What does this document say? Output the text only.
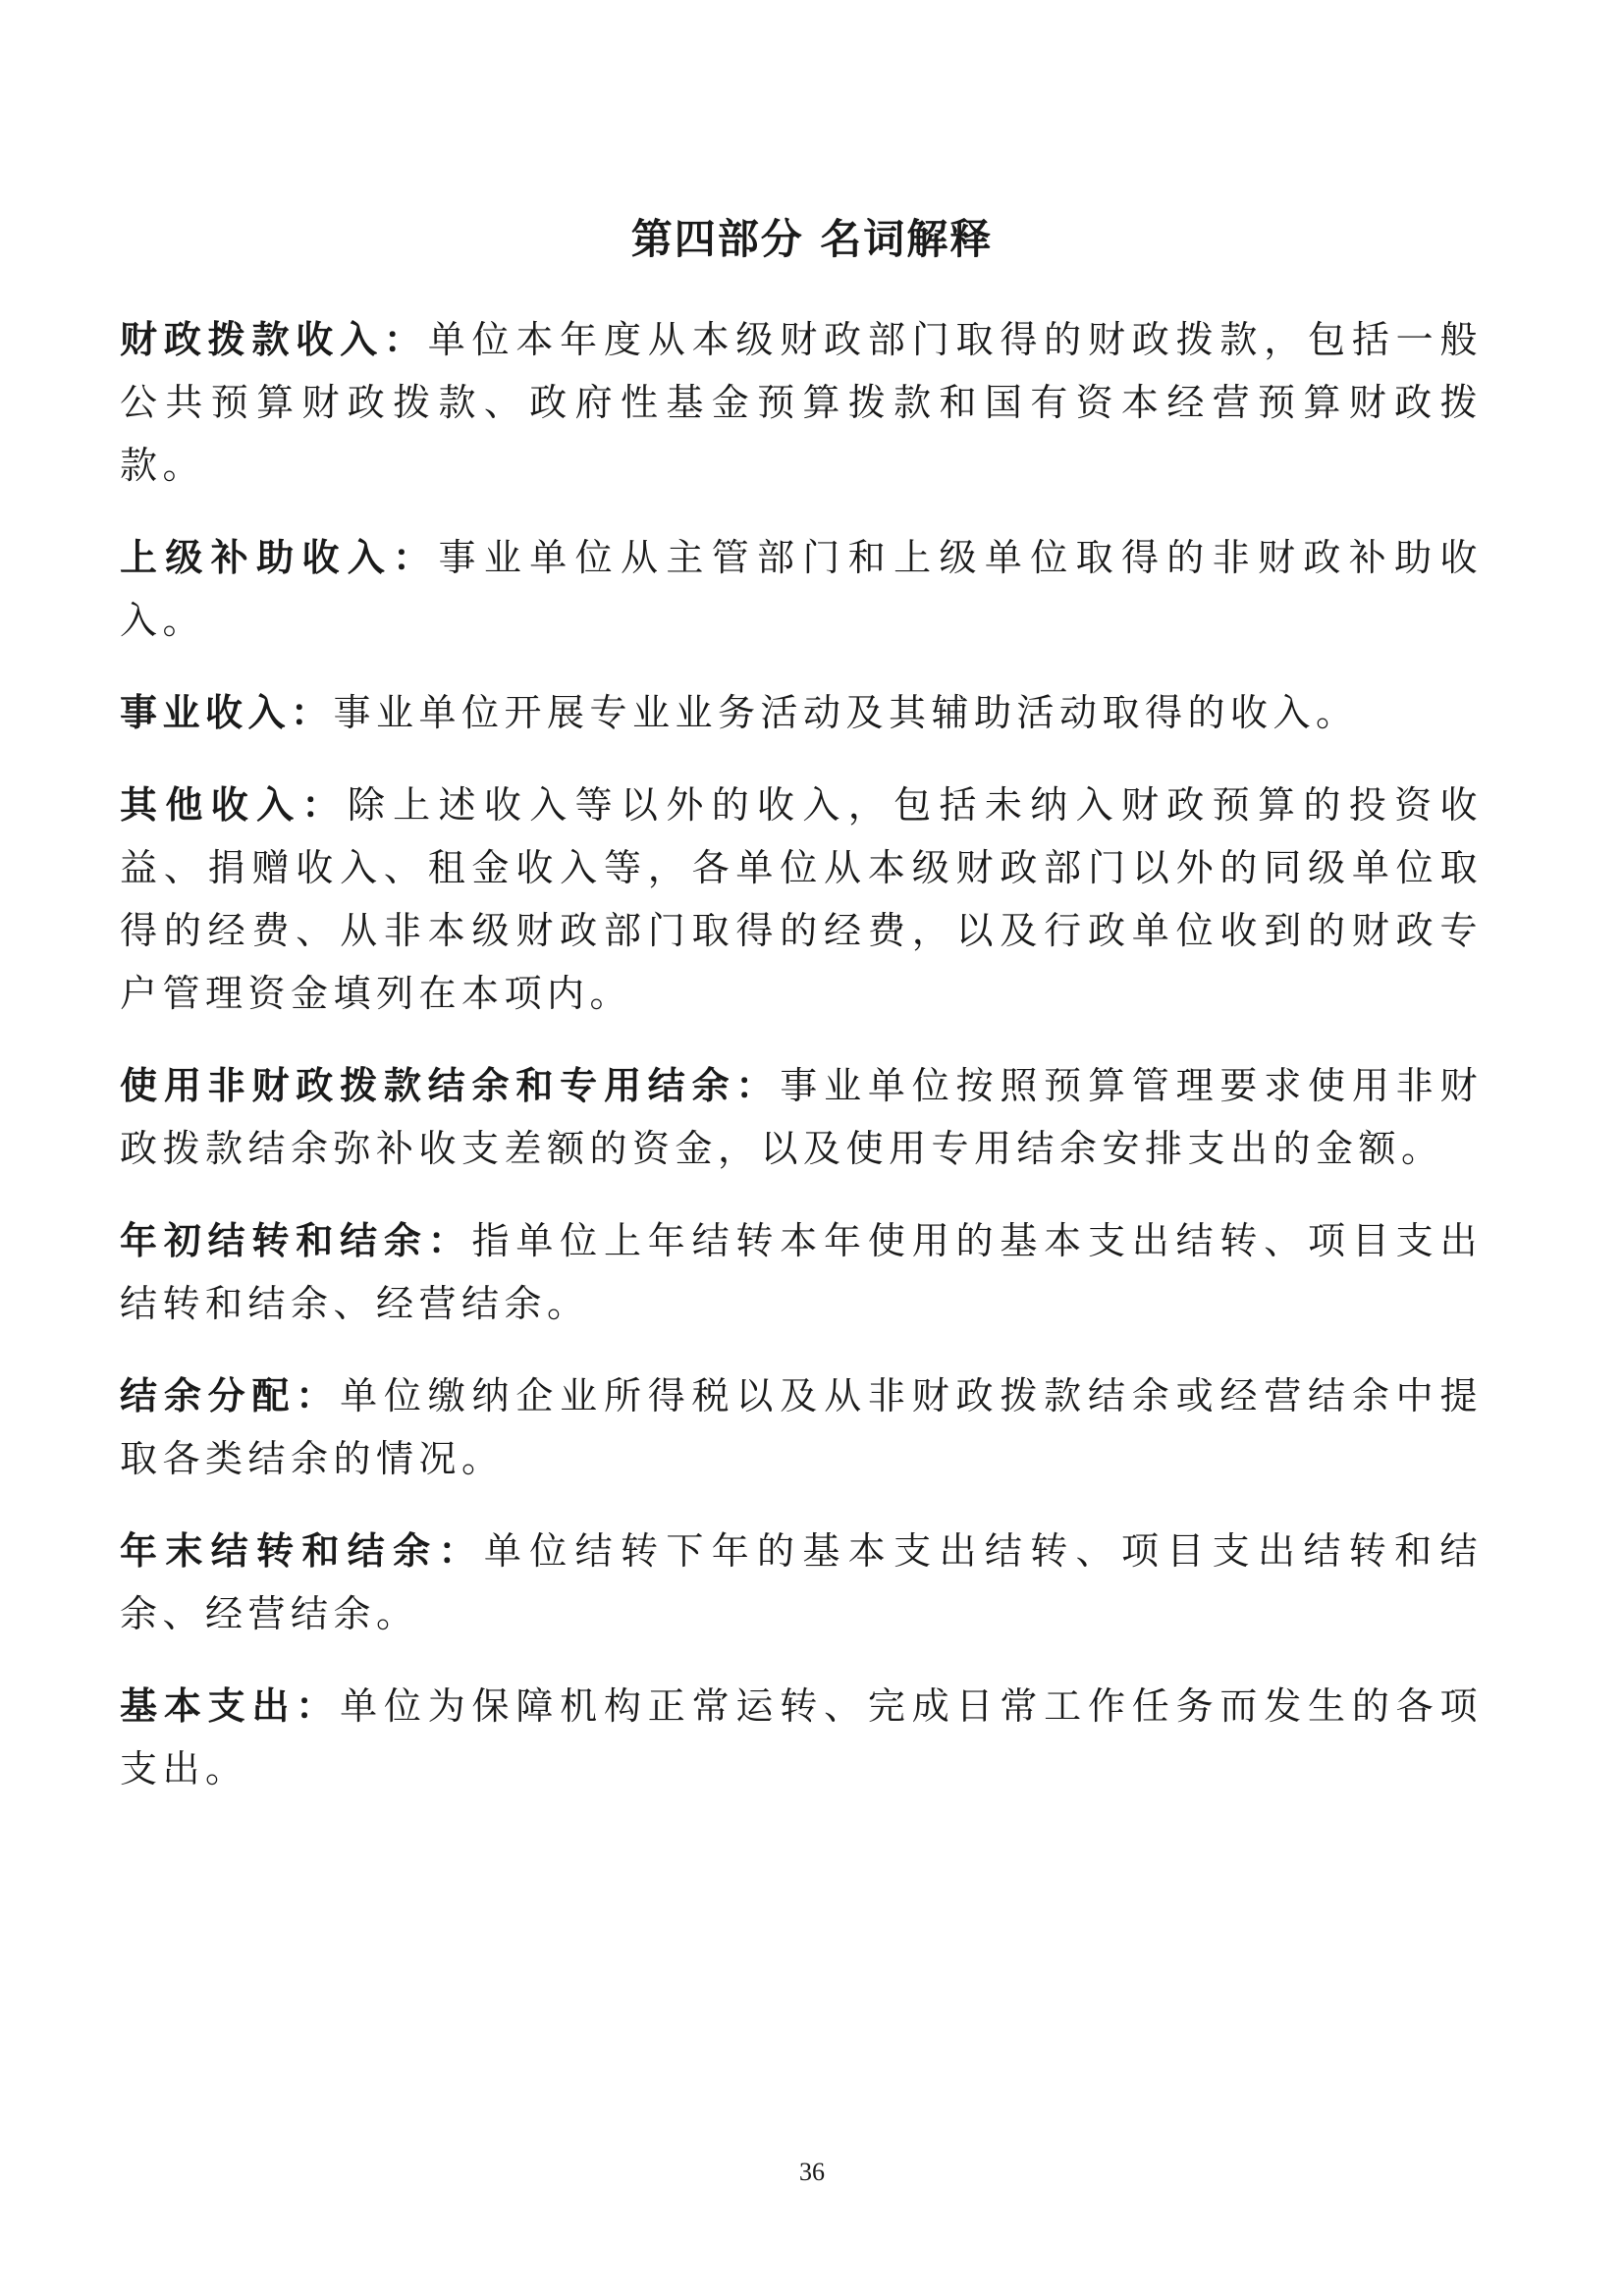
第四部分 名词解释

财政拨款收入：单位本年度从本级财政部门取得的财政拨款，包括一般公共预算财政拨款、政府性基金预算拨款和国有资本经营预算财政拨款。

上级补助收入：事业单位从主管部门和上级单位取得的非财政补助收入。

事业收入：事业单位开展专业业务活动及其辅助活动取得的收入。

其他收入：除上述收入等以外的收入，包括未纳入财政预算的投资收益、捐赠收入、租金收入等，各单位从本级财政部门以外的同级单位取得的经费、从非本级财政部门取得的经费，以及行政单位收到的财政专户管理资金填列在本项内。

使用非财政拨款结余和专用结余：事业单位按照预算管理要求使用非财政拨款结余弥补收支差额的资金，以及使用专用结余安排支出的金额。

年初结转和结余：指单位上年结转本年使用的基本支出结转、项目支出结转和结余、经营结余。

结余分配：单位缴纳企业所得税以及从非财政拨款结余或经营结余中提取各类结余的情况。

年末结转和结余：单位结转下年的基本支出结转、项目支出结转和结余、经营结余。

基本支出：单位为保障机构正常运转、完成日常工作任务而发生的各项支出。

36
